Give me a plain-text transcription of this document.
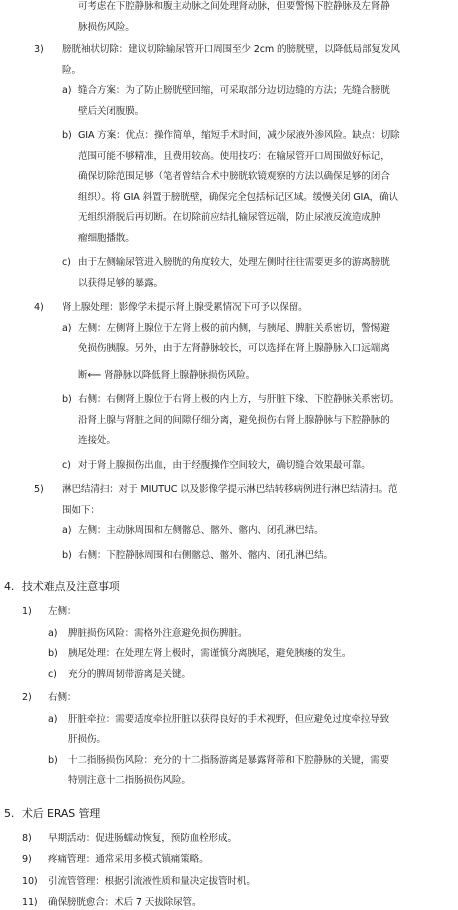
可考虑在下腔静脉和腹主动脉之间处理肾动脉，但要警惕下腔静脉及左肾静
脉损伤风险。
3) 膀胱袖状切除：建议切除输尿管开口周围至少 2cm 的膀胱壁，以降低局部复发风
险。
a) 缝合方案：为了防止膀胱壁回缩，可采取部分边切边缝的方法；先缝合膀胱
壁后关闭腹膜。
b) GIA 方案：优点：操作简单，缩短手术时间，减少尿液外渗风险。缺点：切除
范围可能不够精准，且费用较高。使用技巧：在输尿管开口周围做好标记，
确保切除范围足够（笔者曾结合术中膀胱软镜观察的方法以确保足够的闭合
组织）。将 GIA 斜置于膀胱壁，确保完全包括标记区域。缓慢关闭 GIA，确认
无组织滑脱后再切断。在切除前应结扎输尿管远端，防止尿液反流造成肿
瘤细胞播散。
c) 由于左侧输尿管进入膀胱的角度较大，处理左侧时往往需要更多的游离膀胱
以获得足够的暴露。
4) 肾上腺处理：影像学未提示肾上腺受累情况下可予以保留。
a) 左侧：左侧肾上腺位于左肾上极的前内侧，与胰尾、脾脏关系密切，警惕避
免损伤胰腺。另外，由于左肾静脉较长，可以选择在肾上腺静脉入口远端离
断⟵ 肾静脉以降低肾上腺静脉损伤风险。
b) 右侧：右侧肾上腺位于右肾上极的内上方，与肝脏下缘、下腔静脉关系密切。
沿肾上腺与肾脏之间的间隙仔细分离，避免损伤右肾上腺静脉与下腔静脉的
连接处。
c) 对于肾上腺损伤出血，由于经腹操作空间较大，确切缝合效果最可靠。
5) 淋巴结清扫：对于 MIUTUC 以及影像学提示淋巴结转移病例进行淋巴结清扫。范
围如下：
a) 左侧：主动脉周围和左侧髂总、髂外、髂内、闭孔淋巴结。
b) 右侧：下腔静脉周围和右侧髂总、髂外、髂内、闭孔淋巴结。
4. 技术难点及注意事项
1) 左侧：
a) 脾脏损伤风险：需格外注意避免损伤脾脏。
b) 胰尾处理：在处理左肾上极时，需谨慎分离胰尾，避免胰瘘的发生。
c) 充分的脾周韧带游离是关键。
2) 右侧：
a) 肝脏牵拉：需要适度牵拉肝脏以获得良好的手术视野，但应避免过度牵拉导致
肝损伤。
b) 十二指肠损伤风险：充分的十二指肠游离是暴露肾蒂和下腔静脉的关键，需要
特别注意十二指肠损伤风险。
5. 术后 ERAS 管理
8) 早期活动：促进肠蠕动恢复，预防血栓形成。
9) 疼痛管理：通常采用多模式镇痛策略。
10) 引流管管理：根据引流液性质和量决定拔管时机。
11) 确保膀胱愈合：术后 7 天拔除尿管。
